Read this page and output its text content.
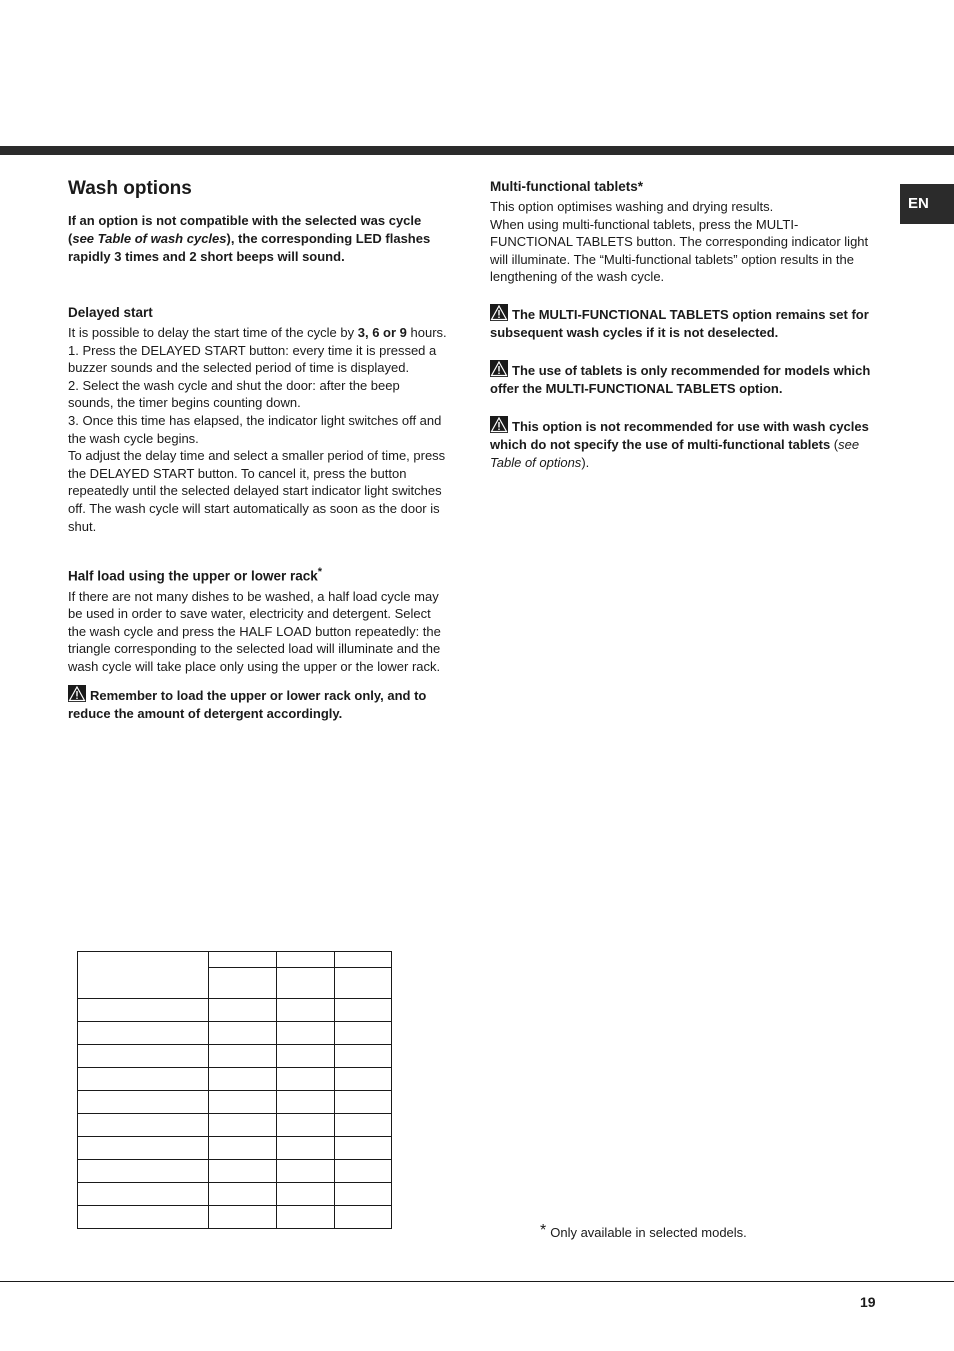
EN
Wash options

If an option is not compatible with the selected was cycle (see Table of wash cycles), the corresponding LED flashes rapidly 3 times and 2 short beeps will sound.

Delayed start

It is possible to delay the start time of the cycle by 3, 6 or 9 hours.

1. Press the DELAYED START button: every time it is pressed a buzzer sounds and the selected period of time is displayed.

2. Select the wash cycle and shut the door: after the beep sounds, the timer begins counting down.

3. Once this time has elapsed, the indicator light switches off and the wash cycle begins.

To adjust the delay time and select a smaller period of time, press the DELAYED START button. To cancel it, press the button repeatedly until the selected delayed start indicator light switches off. The wash cycle will start automatically as soon as the door is shut.

Half load using the upper or lower rack*

If there are not many dishes to be washed, a half load cycle may be used in order to save water, electricity and detergent. Select the wash cycle and press the HALF LOAD button repeatedly: the triangle corresponding to the selected load will illuminate and the wash cycle will take place only using the upper or the lower rack.

Remember to load the upper or lower rack only, and to reduce the amount of detergent accordingly.

Multi-functional tablets*

This option optimises washing and drying results.

When using multi-functional tablets, press the MULTI-FUNCTIONAL TABLETS button. The corresponding indicator light will illuminate. The “Multi-functional tablets” option results in the lengthening of the wash cycle.

The MULTI-FUNCTIONAL TABLETS option remains set for subsequent wash cycles if it is not deselected.

The use of tablets is only recommended for models which offer the MULTI-FUNCTIONAL TABLETS option.

This option is not recommended for use with wash cycles which do not specify the use of multi-functional tablets (see Table of options).

* Only available in selected models.
19
